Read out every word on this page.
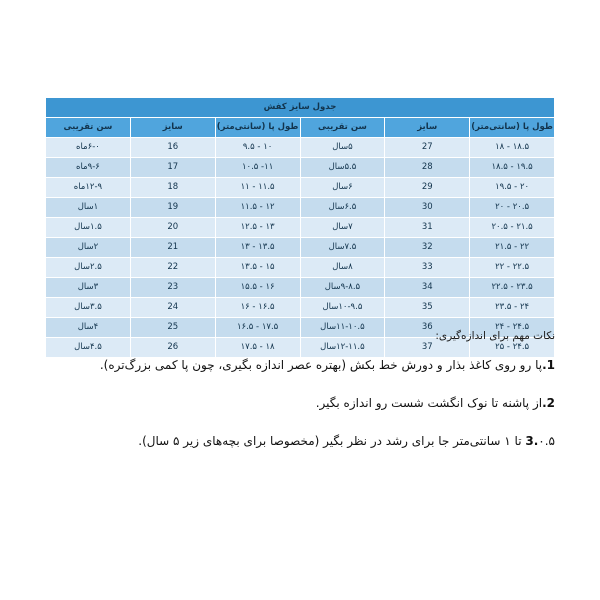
جدول سایز کفش					
طول پا (سانتی‌متر)	سایز	سن تقریبی	طول پا (سانتی‌متر)	سایز	سن تقریبی
۱۸.۵ - ۱۸	27	۵سال	۱۰ - ۹.۵	16	۶-۰ماه
۱۹.۵ - ۱۸.۵	28	۵.۵سال	۱۱- ۱۰.۵	17	۹-۶ماه
۲۰ - ۱۹.۵	29	۶سال	۱۱.۵ - ۱۱	18	۱۲-۹ماه
۲۰.۵ - ۲۰	30	۶.۵سال	۱۲ - ۱۱.۵	19	۱سال
۲۱.۵ - ۲۰.۵	31	۷سال	۱۳ - ۱۲.۵	20	۱.۵سال
۲۲ - ۲۱.۵	32	۷.۵سال	۱۳.۵ - ۱۳	21	۲سال
۲۲.۵ - ۲۲	33	۸سال	۱۵ - ۱۳.۵	22	۲.۵سال
۲۳.۵ - ۲۲.۵	34	۹-۸.۵سال	۱۶ - ۱۵.۵	23	۳سال
۲۴ - ۲۳.۵	35	۱۰-۹.۵سال	۱۶.۵ - ۱۶	24	۳.۵سال
۲۴.۵ - ۲۴	36	۱۱-۱۰.۵سال	۱۷.۵ - ۱۶.۵	25	۴سال
۲۴.۵ - ۲۵	37	۱۲-۱۱.۵سال	۱۸ - ۱۷.۵	26	۴.۵سال
نکات مهم برای اندازه‌گیری:
1.پا رو روی کاغذ بذار و دورش خط بکش (بهتره عصر اندازه بگیری، چون پا کمی بزرگ‌تره).
2.از پاشنه تا نوک انگشت شست رو اندازه بگیر.
3.۰.۵ تا ۱ سانتی‌متر جا برای رشد در نظر بگیر (مخصوصا برای بچه‌های زیر ۵ سال).
